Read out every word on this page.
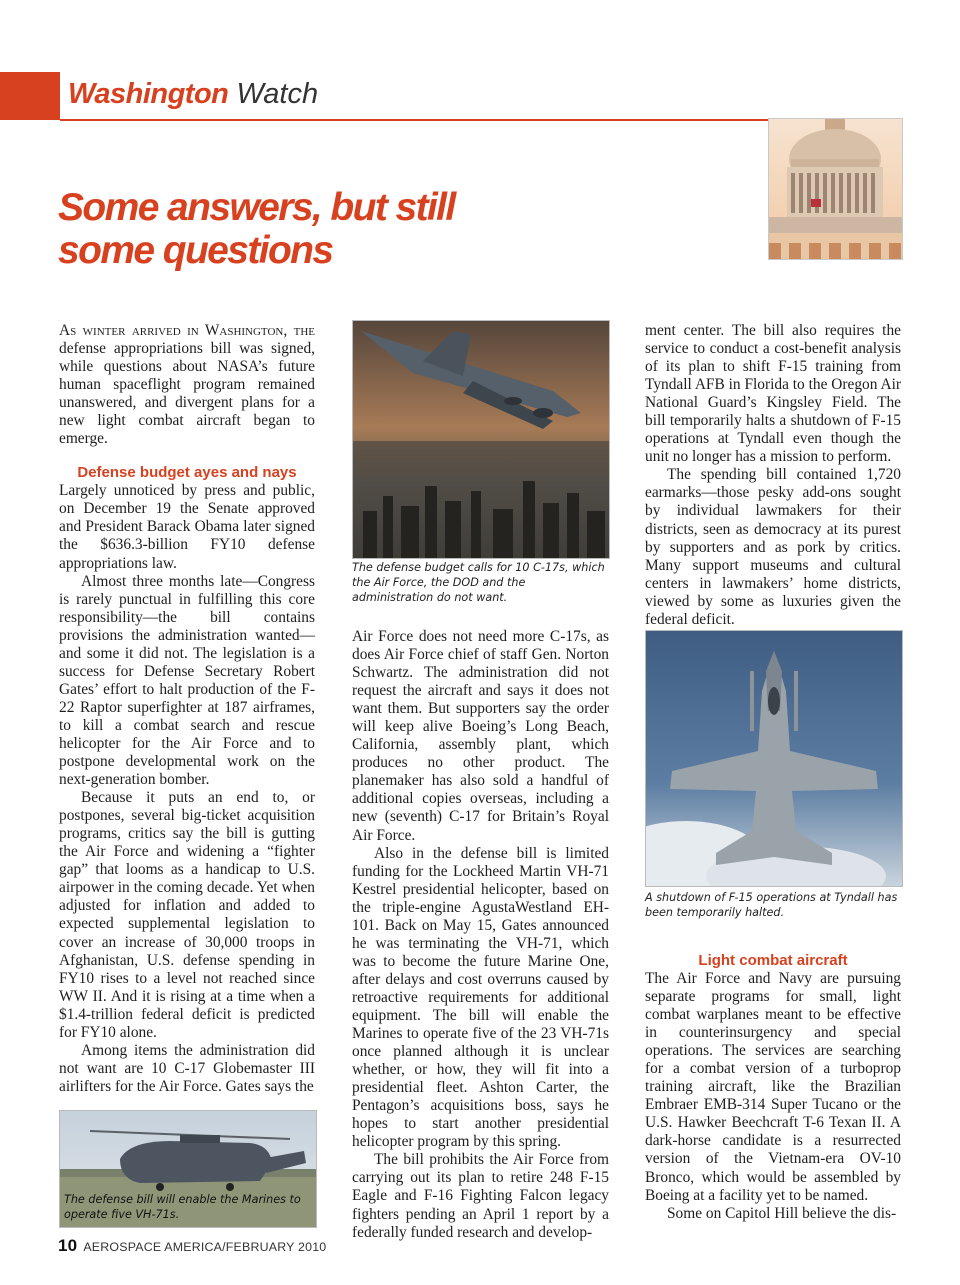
Washington Watch
Some answers, but still
some questions

As winter arrived in Washington, the defense appropriations bill was signed, while questions about NASA’s future human spaceflight program remained unanswered, and divergent plans for a new light combat aircraft began to emerge.

Defense budget ayes and nays

Largely unnoticed by press and public, on December 19 the Senate approved and President Barack Obama later signed the $636.3-billion FY10 defense appropriations law.

Almost three months late—Congress is rarely punctual in fulfilling this core responsibility—the bill contains provisions the administration wanted—and some it did not. The legislation is a success for Defense Secretary Robert Gates’ effort to halt production of the F-22 Raptor superfighter at 187 airframes, to kill a combat search and rescue helicopter for the Air Force and to postpone developmental work on the next-generation bomber.

Because it puts an end to, or postpones, several big-ticket acquisition programs, critics say the bill is gutting the Air Force and widening a “fighter gap” that looms as a handicap to U.S. airpower in the coming decade. Yet when adjusted for inflation and added to expected supplemental legislation to cover an increase of 30,000 troops in Afghanistan, U.S. defense spending in FY10 rises to a level not reached since WW II. And it is rising at a time when a $1.4-trillion federal deficit is predicted for FY10 alone.

Among items the administration did not want are 10 C-17 Globemaster III airlifters for the Air Force. Gates says the

The defense budget calls for 10 C-17s, which the Air Force, the DOD and the administration do not want.

Air Force does not need more C-17s, as does Air Force chief of staff Gen. Norton Schwartz. The administration did not request the aircraft and says it does not want them. But supporters say the order will keep alive Boeing’s Long Beach, California, assembly plant, which produces no other product. The planemaker has also sold a handful of additional copies overseas, including a new (seventh) C-17 for Britain’s Royal Air Force.

Also in the defense bill is limited funding for the Lockheed Martin VH-71 Kestrel presidential helicopter, based on the triple-engine AgustaWestland EH-101. Back on May 15, Gates announced he was terminating the VH-71, which was to become the future Marine One, after delays and cost overruns caused by retroactive requirements for additional equipment. The bill will enable the Marines to operate five of the 23 VH-71s once planned although it is unclear whether, or how, they will fit into a presidential fleet. Ashton Carter, the Pentagon’s acquisitions boss, says he hopes to start another presidential helicopter program by this spring.

The bill prohibits the Air Force from carrying out its plan to retire 248 F-15 Eagle and F-16 Fighting Falcon legacy fighters pending an April 1 report by a federally funded research and develop-

ment center. The bill also requires the service to conduct a cost-benefit analysis of its plan to shift F-15 training from Tyndall AFB in Florida to the Oregon Air National Guard’s Kingsley Field. The bill temporarily halts a shutdown of F-15 operations at Tyndall even though the unit no longer has a mission to perform.

The spending bill contained 1,720 earmarks—those pesky add-ons sought by individual lawmakers for their districts, seen as democracy at its purest by supporters and as pork by critics. Many support museums and cultural centers in lawmakers’ home districts, viewed by some as luxuries given the federal deficit.

A shutdown of F-15 operations at Tyndall has been temporarily halted.

Light combat aircraft

The Air Force and Navy are pursuing separate programs for small, light combat warplanes meant to be effective in counterinsurgency and special operations. The services are searching for a combat version of a turboprop training aircraft, like the Brazilian Embraer EMB-314 Super Tucano or the U.S. Hawker Beechcraft T-6 Texan II. A dark-horse candidate is a resurrected version of the Vietnam-era OV-10 Bronco, which would be assembled by Boeing at a facility yet to be named.

Some on Capitol Hill believe the dis-

The defense bill will enable the Marines to operate five VH-71s.
10 AEROSPACE AMERICA/FEBRUARY 2010
